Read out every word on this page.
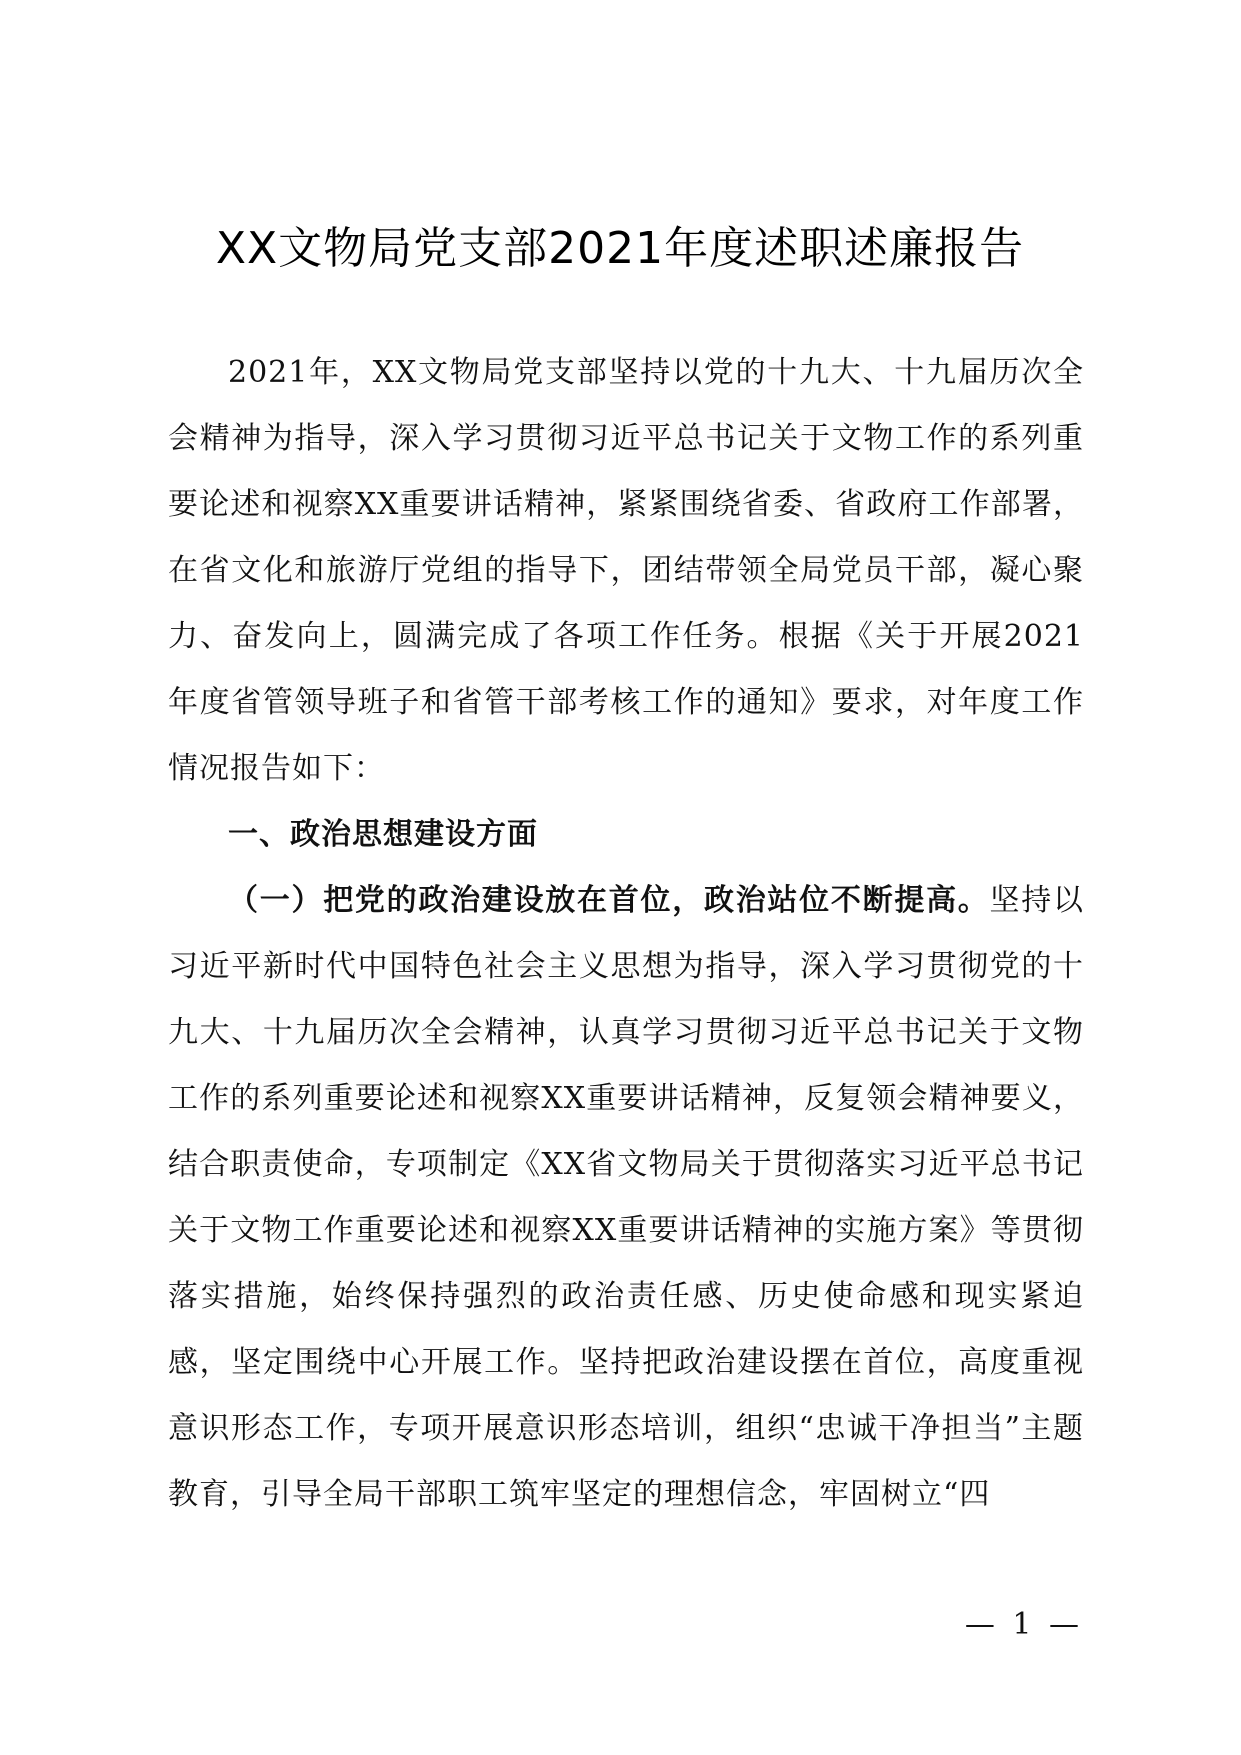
XX文物局党支部2021年度述职述廉报告

2021年，XX文物局党支部坚持以党的十九大、十九届历次全会精神为指导，深入学习贯彻习近平总书记关于文物工作的系列重要论述和视察XX重要讲话精神，紧紧围绕省委、省政府工作部署，在省文化和旅游厅党组的指导下，团结带领全局党员干部，凝心聚力、奋发向上，圆满完成了各项工作任务。根据《关于开展2021年度省管领导班子和省管干部考核工作的通知》要求，对年度工作情况报告如下：

一、政治思想建设方面

（一）把党的政治建设放在首位，政治站位不断提高。坚持以习近平新时代中国特色社会主义思想为指导，深入学习贯彻党的十九大、十九届历次全会精神，认真学习贯彻习近平总书记关于文物工作的系列重要论述和视察XX重要讲话精神，反复领会精神要义，结合职责使命，专项制定《XX省文物局关于贯彻落实习近平总书记关于文物工作重要论述和视察XX重要讲话精神的实施方案》等贯彻落实措施，始终保持强烈的政治责任感、历史使命感和现实紧迫感，坚定围绕中心开展工作。坚持把政治建设摆在首位，高度重视意识形态工作，专项开展意识形态培训，组织“忠诚干净担当”主题教育，引导全局干部职工筑牢坚定的理想信念，牢固树立“四

— 1 —
